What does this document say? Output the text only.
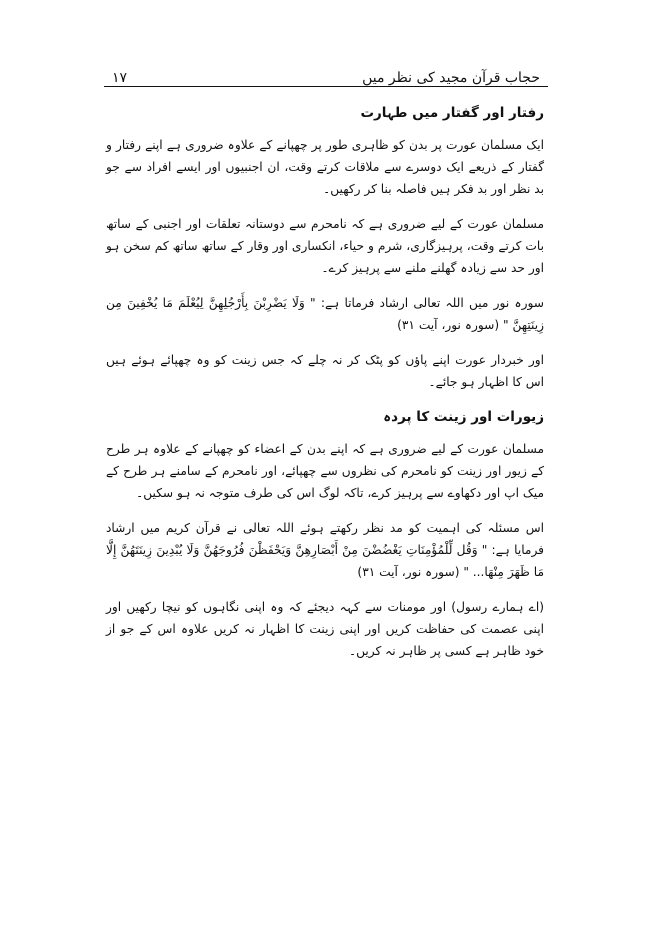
۱۷	حجاب قرآن مجید کی نظر میں
رفتار اور گفتار میں طہارت

ایک مسلمان عورت پر بدن کو ظاہری طور پر چھپانے کے علاوہ ضروری ہے اپنے رفتار و گفتار کے ذریعے ایک دوسرے سے ملاقات کرتے وقت، ان اجنبیوں اور ایسے افراد سے جو بد نظر اور بد فکر ہیں فاصلہ بنا کر رکھیں۔

مسلمان عورت کے لیے ضروری ہے کہ نامحرم سے دوستانہ تعلقات اور اجنبی کے ساتھ بات کرتے وقت، پرہیزگاری، شرم و حیاء، انکساری اور وقار کے ساتھ ساتھ کم سخن ہو اور حد سے زیادہ گھلنے ملنے سے پرہیز کرے۔

سورہ نور میں اللہ تعالی ارشاد فرماتا ہے: " وَلَا يَضْرِبْنَ بِأَرْجُلِهِنَّ لِيُعْلَمَ مَا يُخْفِينَ مِن زِينَتِهِنَّ " (سورہ نور، آیت ۳۱)

اور خبردار عورت اپنے پاؤں کو پٹک کر نہ چلے کہ جس زینت کو وہ چھپائے ہوئے ہیں اس کا اظہار ہو جائے۔

زیورات اور زینت کا پردہ

مسلمان عورت کے لیے ضروری ہے کہ اپنے بدن کے اعضاء کو چھپانے کے علاوہ ہر طرح کے زیور اور زینت کو نامحرم کی نظروں سے چھپائے، اور نامحرم کے سامنے ہر طرح کے میک اپ اور دکھاوے سے پرہیز کرے، تاکہ لوگ اس کی طرف متوجہ نہ ہو سکیں۔

اس مسئلہ کی اہمیت کو مد نظر رکھتے ہوئے اللہ تعالی نے قرآن کریم میں ارشاد فرمایا ہے: " وَقُل لِّلْمُؤْمِنَاتِ يَغْضُضْنَ مِنْ أَبْصَارِهِنَّ وَيَحْفَظْنَ فُرُوجَهُنَّ وَلَا يُبْدِينَ زِينَتَهُنَّ إِلَّا مَا ظَهَرَ مِنْهَا... " (سورہ نور، آیت ۳۱)

(اے ہمارے رسول) اور مومنات سے کہہ دیجئے کہ وہ اپنی نگاہوں کو نیچا رکھیں اور اپنی عصمت کی حفاظت کریں اور اپنی زینت کا اظہار نہ کریں علاوہ اس کے جو از خود ظاہر ہے کسی پر ظاہر نہ کریں۔
